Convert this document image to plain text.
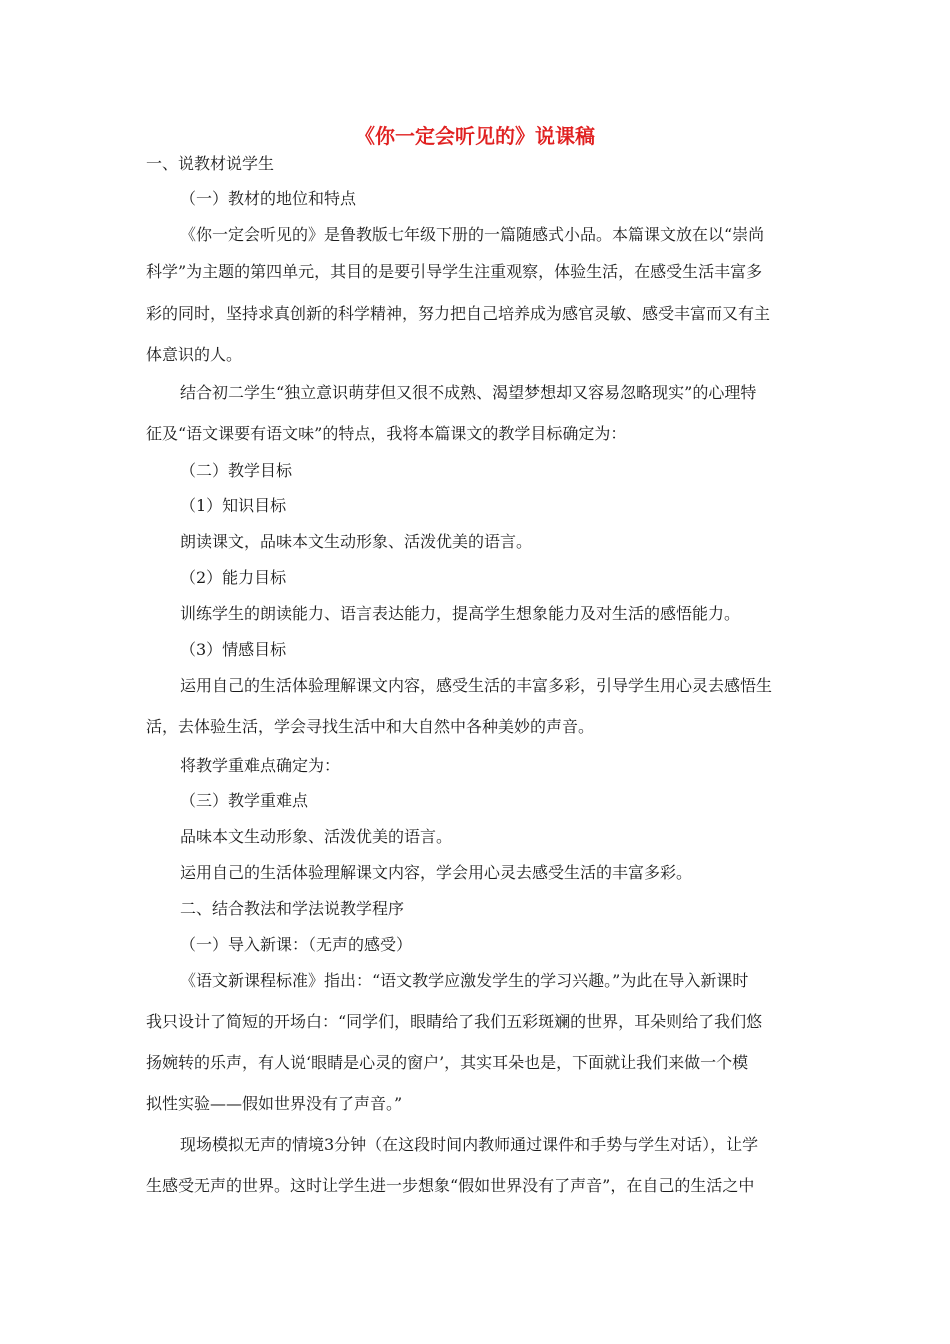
《你一定会听见的》说课稿
一、说教材说学生
（一）教材的地位和特点
《你一定会听见的》是鲁教版七年级下册的一篇随感式小品。本篇课文放在以“崇尚
科学”为主题的第四单元，其目的是要引导学生注重观察，体验生活，在感受生活丰富多
彩的同时，坚持求真创新的科学精神，努力把自己培养成为感官灵敏、感受丰富而又有主
体意识的人。
结合初二学生“独立意识萌芽但又很不成熟、渴望梦想却又容易忽略现实”的心理特
征及“语文课要有语文味”的特点，我将本篇课文的教学目标确定为：
（二）教学目标
（1）知识目标
朗读课文，品味本文生动形象、活泼优美的语言。
（2）能力目标
训练学生的朗读能力、语言表达能力，提高学生想象能力及对生活的感悟能力。
（3）情感目标
运用自己的生活体验理解课文内容，感受生活的丰富多彩，引导学生用心灵去感悟生
活，去体验生活，学会寻找生活中和大自然中各种美妙的声音。
将教学重难点确定为：
（三）教学重难点
品味本文生动形象、活泼优美的语言。
运用自己的生活体验理解课文内容，学会用心灵去感受生活的丰富多彩。
二、结合教法和学法说教学程序
（一）导入新课：（无声的感受）
《语文新课程标准》指出：“语文教学应激发学生的学习兴趣。”为此在导入新课时
我只设计了简短的开场白：“同学们，眼睛给了我们五彩斑斓的世界，耳朵则给了我们悠
扬婉转的乐声，有人说‘眼睛是心灵的窗户’，其实耳朵也是，下面就让我们来做一个模
拟性实验——假如世界没有了声音。”
现场模拟无声的情境3分钟（在这段时间内教师通过课件和手势与学生对话），让学
生感受无声的世界。这时让学生进一步想象“假如世界没有了声音”，在自己的生活之中
